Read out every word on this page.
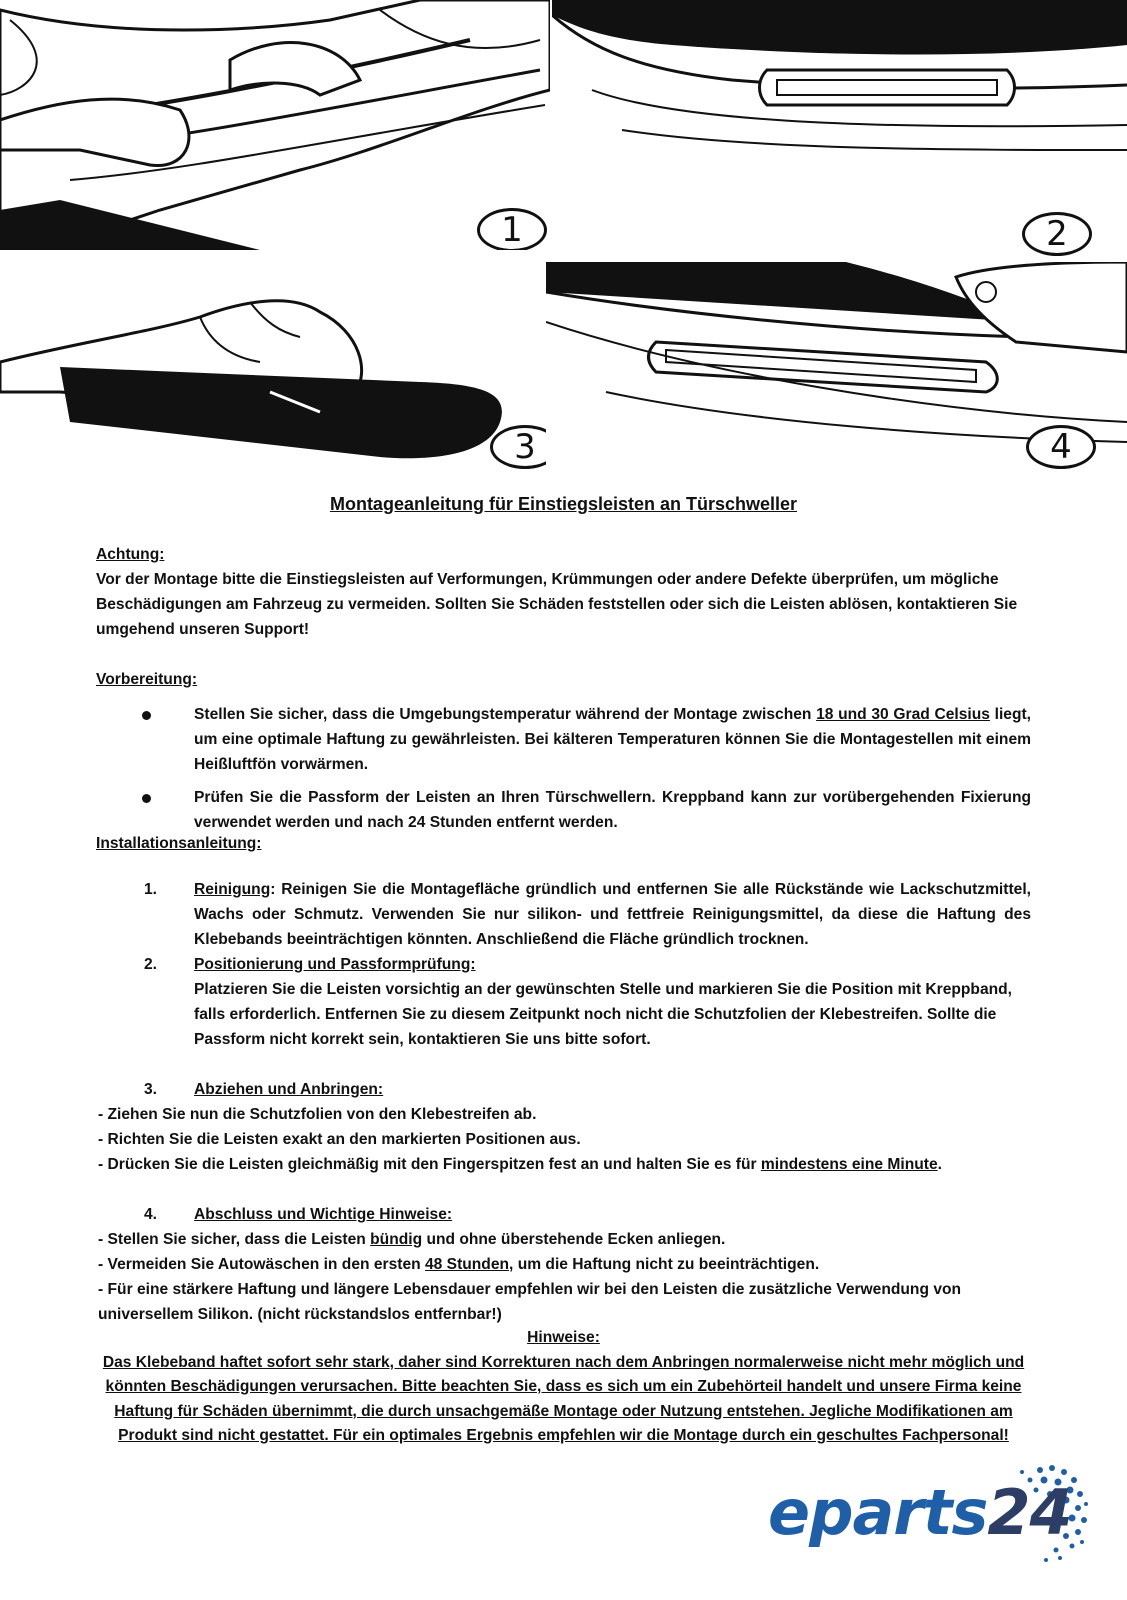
1	2
3	4
Montageanleitung für Einstiegsleisten an Türschweller
Achtung:

Vor der Montage bitte die Einstiegsleisten auf Verformungen, Krümmungen oder andere Defekte überprüfen, um mögliche Beschädigungen am Fahrzeug zu vermeiden. Sollten Sie Schäden feststellen oder sich die Leisten ablösen, kontaktieren Sie umgehend unseren Support!

Vorbereitung:
Stellen Sie sicher, dass die Umgebungstemperatur während der Montage zwischen 18 und 30 Grad Celsius liegt, um eine optimale Haftung zu gewährleisten. Bei kälteren Temperaturen können Sie die Montagestellen mit einem Heißluftfön vorwärmen.
Prüfen Sie die Passform der Leisten an Ihren Türschwellern. Kreppband kann zur vorübergehenden Fixierung verwendet werden und nach 24 Stunden entfernt werden.
Installationsanleitung:
1. Reinigung: Reinigen Sie die Montagefläche gründlich und entfernen Sie alle Rückstände wie Lackschutzmittel, Wachs oder Schmutz. Verwenden Sie nur silikon- und fettfreie Reinigungsmittel, da diese die Haftung des Klebebands beeinträchtigen könnten. Anschließend die Fläche gründlich trocknen.
2. Positionierung und Passformprüfung:
Platzieren Sie die Leisten vorsichtig an der gewünschten Stelle und markieren Sie die Position mit Kreppband, falls erforderlich. Entfernen Sie zu diesem Zeitpunkt noch nicht die Schutzfolien der Klebestreifen. Sollte die Passform nicht korrekt sein, kontaktieren Sie uns bitte sofort.
3. Abziehen und Anbringen:
- Ziehen Sie nun die Schutzfolien von den Klebestreifen ab.
- Richten Sie die Leisten exakt an den markierten Positionen aus.
- Drücken Sie die Leisten gleichmäßig mit den Fingerspitzen fest an und halten Sie es für mindestens eine Minute.
4. Abschluss und Wichtige Hinweise:
- Stellen Sie sicher, dass die Leisten bündig und ohne überstehende Ecken anliegen.
- Vermeiden Sie Autowäschen in den ersten 48 Stunden, um die Haftung nicht zu beeinträchtigen.
- Für eine stärkere Haftung und längere Lebensdauer empfehlen wir bei den Leisten die zusätzliche Verwendung von universellem Silikon. (nicht rückstandslos entfernbar!)
Hinweise:
Das Klebeband haftet sofort sehr stark, daher sind Korrekturen nach dem Anbringen normalerweise nicht mehr möglich und könnten Beschädigungen verursachen. Bitte beachten Sie, dass es sich um ein Zubehörteil handelt und unsere Firma keine Haftung für Schäden übernimmt, die durch unsachgemäße Montage oder Nutzung entstehen. Jegliche Modifikationen am Produkt sind nicht gestattet. Für ein optimales Ergebnis empfehlen wir die Montage durch ein geschultes Fachpersonal!
eparts24
